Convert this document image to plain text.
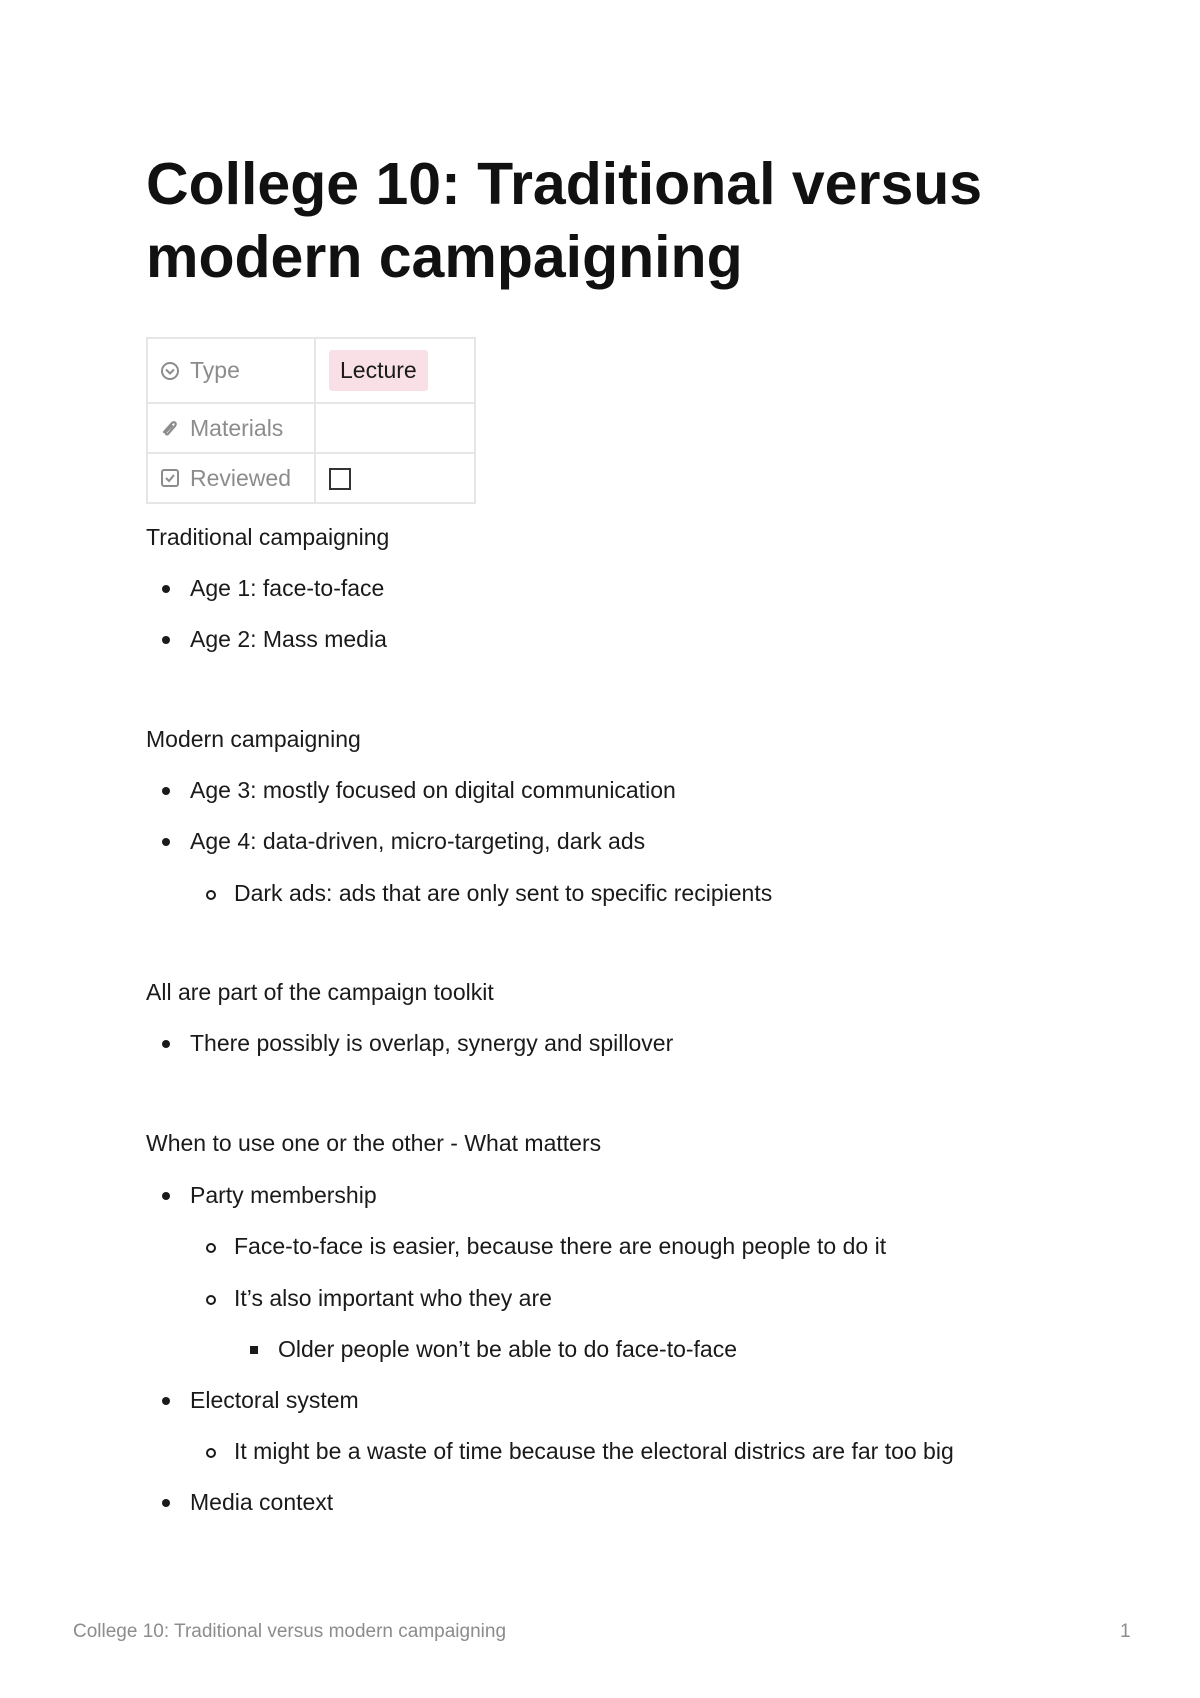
College 10: Traditional versus modern campaigning
Type	Lecture

Materials	

Reviewed	

Traditional campaigning
Age 1: face-to-face
Age 2: Mass media
Modern campaigning
Age 3: mostly focused on digital communication
Age 4: data-driven, micro-targeting, dark ads
Dark ads: ads that are only sent to specific recipients
All are part of the campaign toolkit
There possibly is overlap, synergy and spillover
When to use one or the other - What matters
Party membership
Face-to-face is easier, because there are enough people to do it
It’s also important who they are
Older people won’t be able to do face-to-face
Electoral system
It might be a waste of time because the electoral districs are far too big
Media context
College 10: Traditional versus modern campaigning	1
